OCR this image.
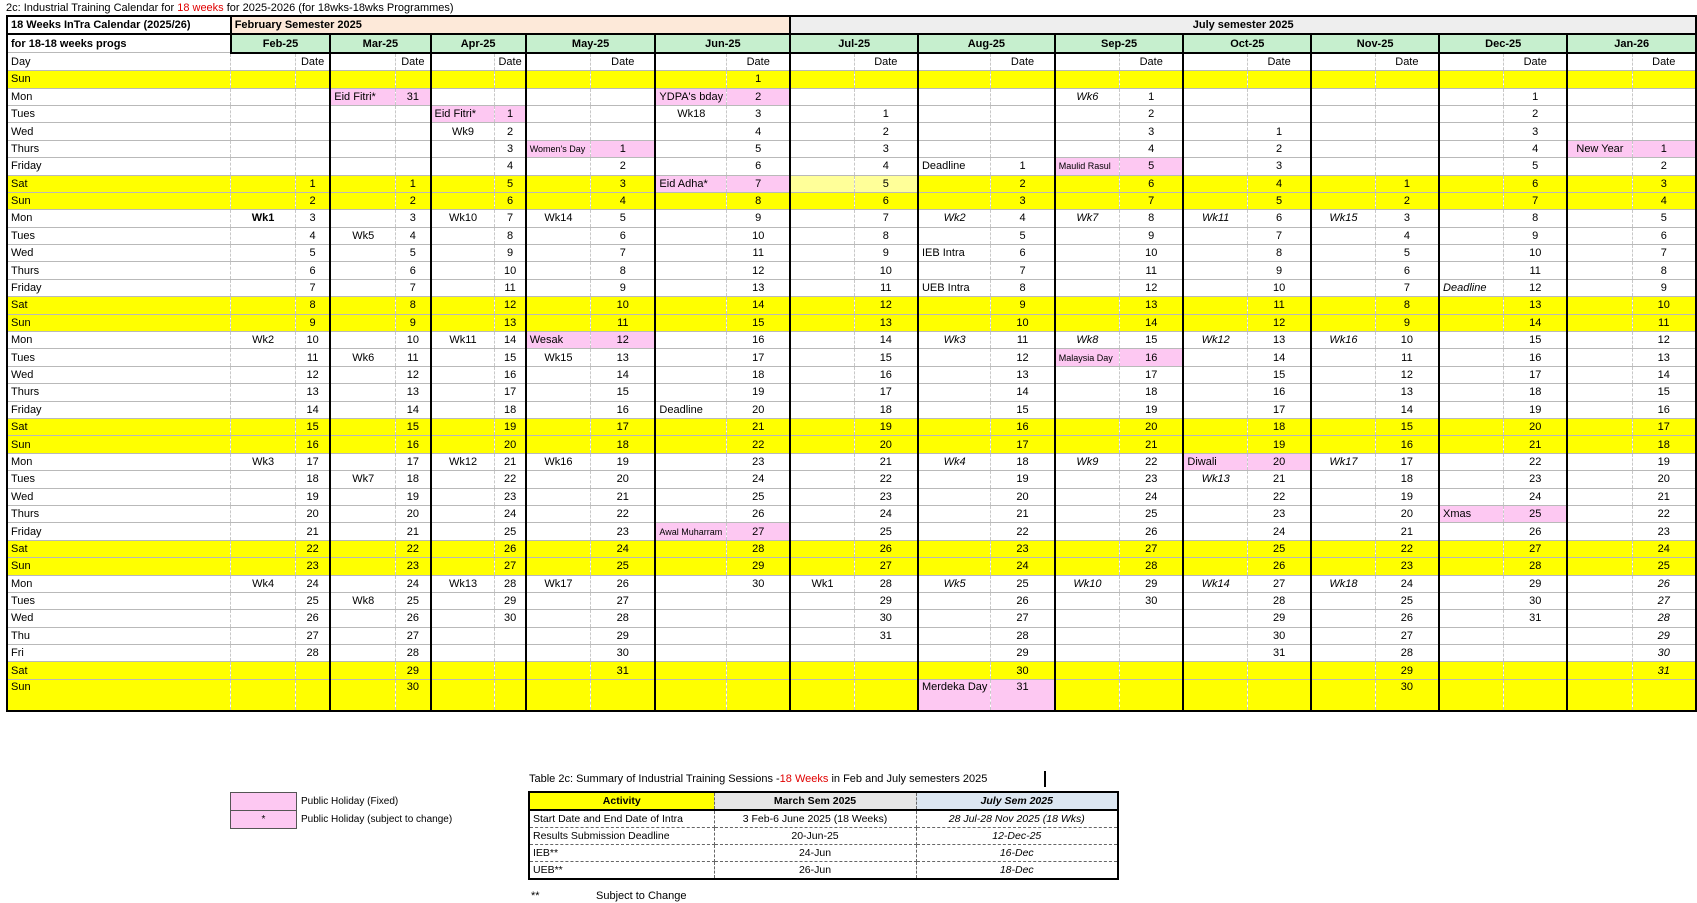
2c: Industrial Training Calendar for 18 weeks for 2025-2026 (for 18wks-18wks Programmes)
18 Weeks InTra Calendar (2025/26)	February Semester 2025										July semester 2025													
for 18-18 weeks progs	Feb-25		Mar-25		Apr-25		May-25		Jun-25		Jul-25		Aug-25		Sep-25		Oct-25		Nov-25		Dec-25		Jan-26	
Day		Date		Date		Date		Date		Date		Date		Date		Date		Date		Date		Date		Date
Sun										1														
Mon			Eid Fitri*	31					YDPA's bday	2					Wk6	1						1		
Tues					Eid Fitri*	1			Wk18	3		1				2						2		
Wed					Wk9	2				4		2				3		1				3		
Thurs						3	Women's Day	1		5		3				4		2				4	New Year	1
Friday						4		2		6		4	Deadline	1	Maulid Rasul	5		3				5		2
Sat		1		1		5		3	Eid Adha*	7		5		2		6		4		1		6		3
Sun		2		2		6		4		8		6		3		7		5		2		7		4
Mon	Wk1	3		3	Wk10	7	Wk14	5		9		7	Wk2	4	Wk7	8	Wk11	6	Wk15	3		8		5
Tues		4	Wk5	4		8		6		10		8		5		9		7		4		9		6
Wed		5		5		9		7		11		9	IEB Intra	6		10		8		5		10		7
Thurs		6		6		10		8		12		10		7		11		9		6		11		8
Friday		7		7		11		9		13		11	UEB Intra	8		12		10		7	Deadline	12		9
Sat		8		8		12		10		14		12		9		13		11		8		13		10
Sun		9		9		13		11		15		13		10		14		12		9		14		11
Mon	Wk2	10		10	Wk11	14	Wesak	12		16		14	Wk3	11	Wk8	15	Wk12	13	Wk16	10		15		12
Tues		11	Wk6	11		15	Wk15	13		17		15		12	Malaysia Day	16		14		11		16		13
Wed		12		12		16		14		18		16		13		17		15		12		17		14
Thurs		13		13		17		15		19		17		14		18		16		13		18		15
Friday		14		14		18		16	Deadline	20		18		15		19		17		14		19		16
Sat		15		15		19		17		21		19		16		20		18		15		20		17
Sun		16		16		20		18		22		20		17		21		19		16		21		18
Mon	Wk3	17		17	Wk12	21	Wk16	19		23		21	Wk4	18	Wk9	22	Diwali	20	Wk17	17		22		19
Tues		18	Wk7	18		22		20		24		22		19		23	Wk13	21		18		23		20
Wed		19		19		23		21		25		23		20		24		22		19		24		21
Thurs		20		20		24		22		26		24		21		25		23		20	Xmas	25		22
Friday		21		21		25		23	Awal Muharram	27		25		22		26		24		21		26		23
Sat		22		22		26		24		28		26		23		27		25		22		27		24
Sun		23		23		27		25		29		27		24		28		26		23		28		25
Mon	Wk4	24		24	Wk13	28	Wk17	26		30	Wk1	28	Wk5	25	Wk10	29	Wk14	27	Wk18	24		29		26
Tues		25	Wk8	25		29		27				29		26		30		28		25		30		27
Wed		26		26		30		28				30		27				29		26		31		28
Thu		27		27				29				31		28				30		27				29
Fri		28		28				30						29				31		28				30
Sat				29				31						30						29				31
Sun				30									Merdeka Day	31						30				
	Public Holiday (Fixed)
*	Public Holiday (subject to change)
Table 2c: Summary of Industrial Training Sessions -18 Weeks in Feb and July semesters 2025
Activity	March Sem 2025	July Sem 2025
Start Date and End Date of Intra	3 Feb-6 June 2025 (18 Weeks)	28 Jul-28 Nov 2025 (18 Wks)
Results Submission Deadline	20-Jun-25	12-Dec-25
IEB**	24-Jun	16-Dec
UEB**	26-Jun	18-Dec
**	Subject to Change
